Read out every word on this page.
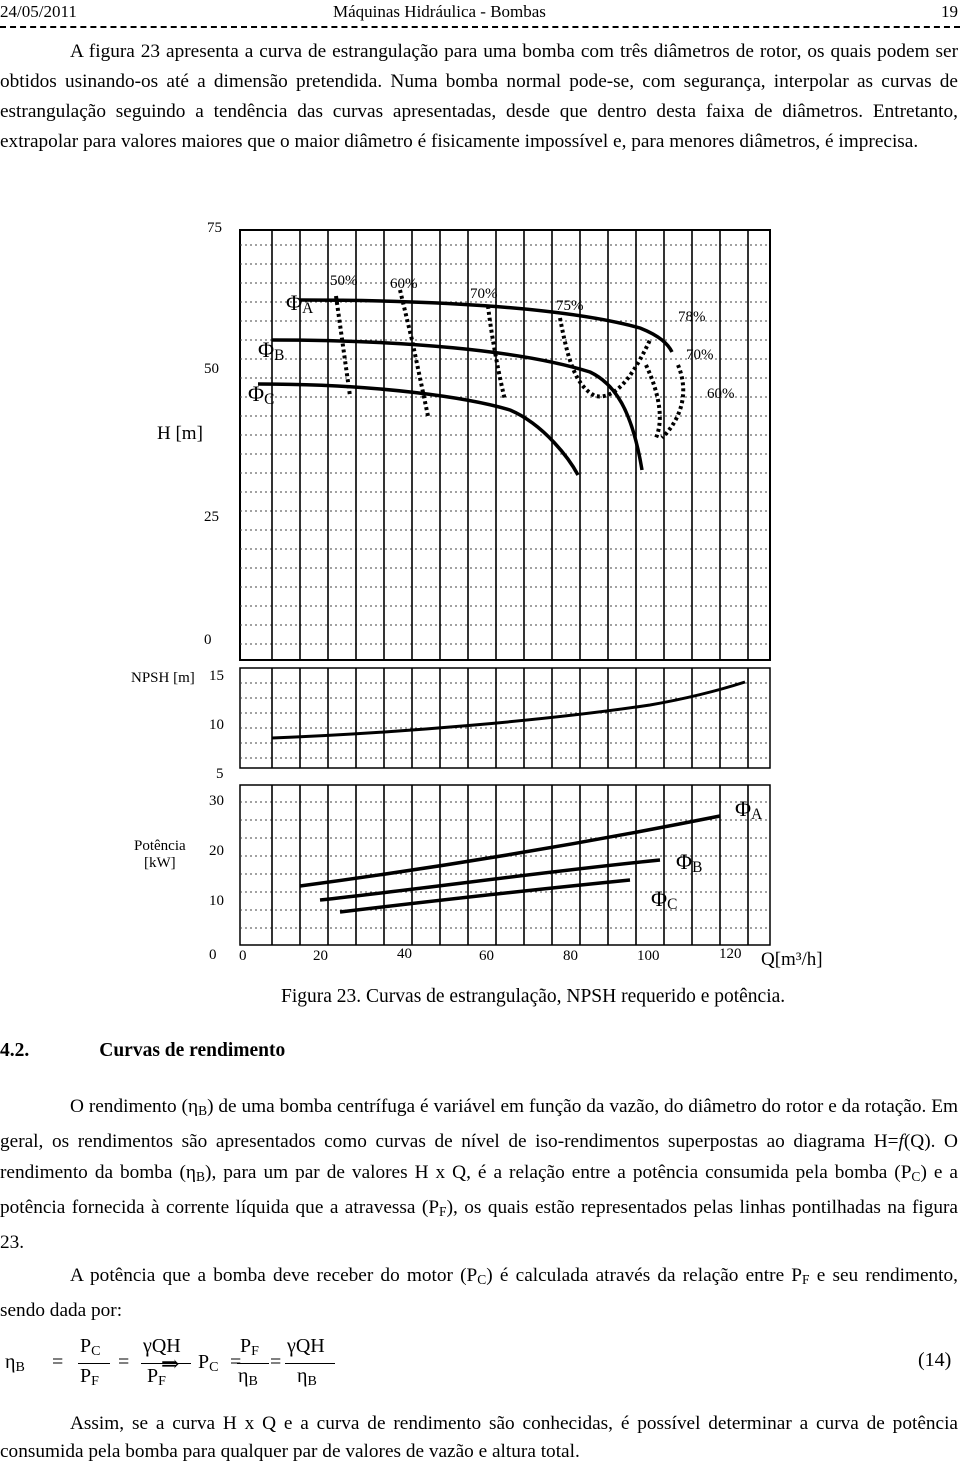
24/05/2011	Máquinas Hidráulica - Bombas	19
A figura 23 apresenta a curva de estrangulação para uma bomba com três diâmetros de rotor, os quais podem ser obtidos usinando-os até a dimensão pretendida. Numa bomba normal pode-se, com segurança, interpolar as curvas de estrangulação seguindo a tendência das curvas apresentadas, desde que dentro desta faixa de diâmetros. Entretanto, extrapolar para valores maiores que o maior diâmetro é fisicamente impossível e, para menores diâmetros, é imprecisa.
75
50
H [m]
25
0
$\Phi_A$
$\Phi_B$
$\Phi_C$
50% 60%
70%
75%
78%
70%
60%
NPSH [m] 15
10
5
30
Potência
[kW]
20
10
0
$\Phi_A$
$\Phi_B$
$\Phi_C$
0	20	40	60	80	100	120 Q[m³/h]
Figura 23. Curvas de estrangulação, NPSH requerido e potência.
4.2.	Curvas de rendimento
O rendimento $(\eta_B)$ de uma bomba centrífuga é variável em função da vazão, do diâmetro do rotor e da rotação. Em geral, os rendimentos são apresentados como curvas de nível de iso-rendimentos superpostas ao diagrama H=f(Q). O rendimento da bomba $(\eta_B)$, para um par de valores H x Q, é a relação entre a potência consumida pela bomba $(P_C)$ e a potência fornecida à corrente líquida que a atravessa $(P_F)$, os quais estão representados pelas linhas pontilhadas na figura 23.
A potência que a bomba deve receber do motor $(P_C)$ é calculada através da relação entre $P_F$ e seu rendimento, sendo dada por:
$\eta_B$ =
$P_C$
$P_F$
=
γQH
$P_F$
⇒ $P_C$ =
$P_F$
$\eta_B$
=
γQH
$\eta_B$
(14)
Assim, se a curva H x Q e a curva de rendimento são conhecidas, é possível determinar a curva de potência consumida pela bomba para qualquer par de valores de vazão e altura total.
